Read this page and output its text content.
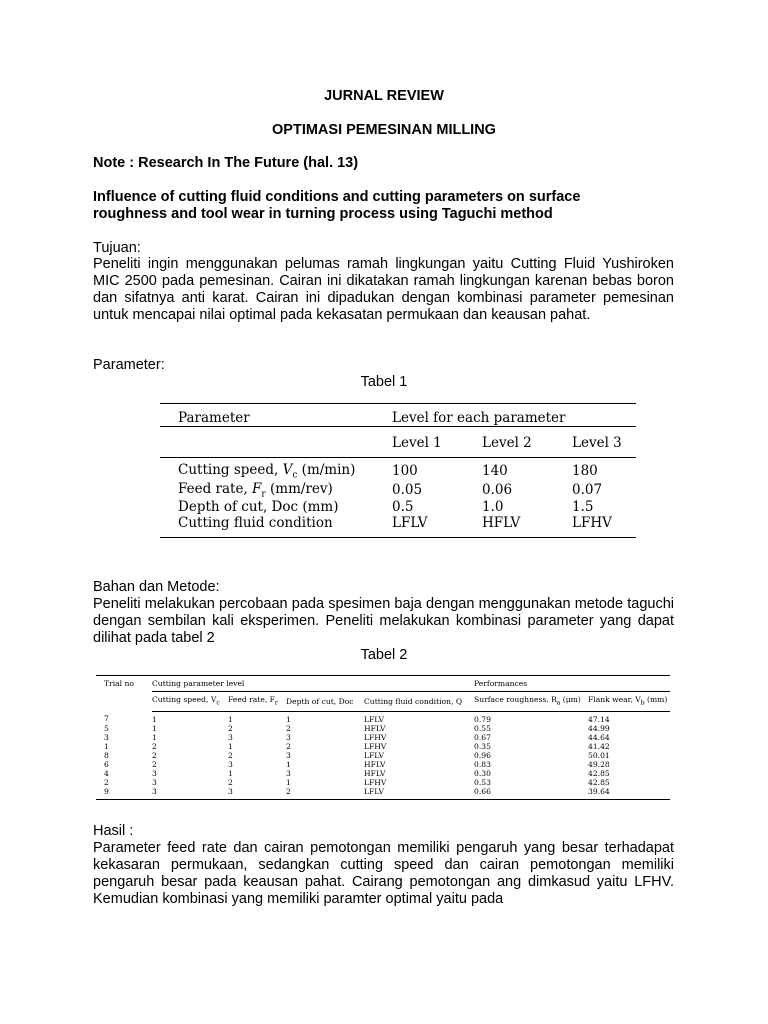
JURNAL REVIEW

OPTIMASI PEMESINAN MILLING

Note : Research In The Future (hal. 13)

Influence of cutting fluid conditions and cutting parameters on surface

roughness and tool wear in turning process using Taguchi method

Tujuan:

Peneliti ingin menggunakan pelumas ramah lingkungan yaitu Cutting Fluid Yushiroken MIC 2500 pada pemesinan. Cairan ini dikatakan ramah lingkungan karenan bebas boron dan sifatnya anti karat. Cairan ini dipadukan dengan kombinasi parameter pemesinan untuk mencapai nilai optimal pada kekasatan permukaan dan keausan pahat.

Parameter:

Tabel 1

Parameter	Level for each parameter		

	Level 1	Level 2	Level 3

Cutting speed, $V_c$ (m/min)	100	140	180
Feed rate, $F_r$ (mm/rev)	0.05	0.06	0.07
Depth of cut, Doc (mm)	0.5	1.0	1.5
Cutting fluid condition	LFLV	HFLV	LFHV

Bahan dan Metode:

Peneliti melakukan percobaan pada spesimen baja dengan menggunakan metode taguchi dengan sembilan kali eksperimen. Peneliti melakukan kombinasi parameter yang dapat dilihat pada tabel 2

Tabel 2

Trial no	Cutting parameter level				Performances	
	Cutting speed, $V_c$	Feed rate, $F_r$	Depth of cut, Doc	Cutting fluid condition, Q	Surface roughness, $R_a$ (μm)	Flank wear, $V_b$ (mm)
7	1	1	1	LFLV	0.79	47.14
5	1	2	2	HFLV	0.55	44.99
3	1	3	3	LFHV	0.67	44.64
1	2	1	2	LFHV	0.35	41.42
8	2	2	3	LFLV	0.96	50.01
6	2	3	1	HFLV	0.83	49.28
4	3	1	3	HFLV	0.30	42.85
2	3	2	1	LFHV	0.53	42.85
9	3	3	2	LFLV	0.66	39.64

Hasil :

Parameter feed rate dan cairan pemotongan memiliki pengaruh yang besar terhadapat kekasaran permukaan, sedangkan cutting speed dan cairan pemotongan memiliki pengaruh besar pada keausan pahat. Cairang pemotongan ang dimkasud yaitu LFHV. Kemudian kombinasi yang memiliki paramter optimal yaitu pada
